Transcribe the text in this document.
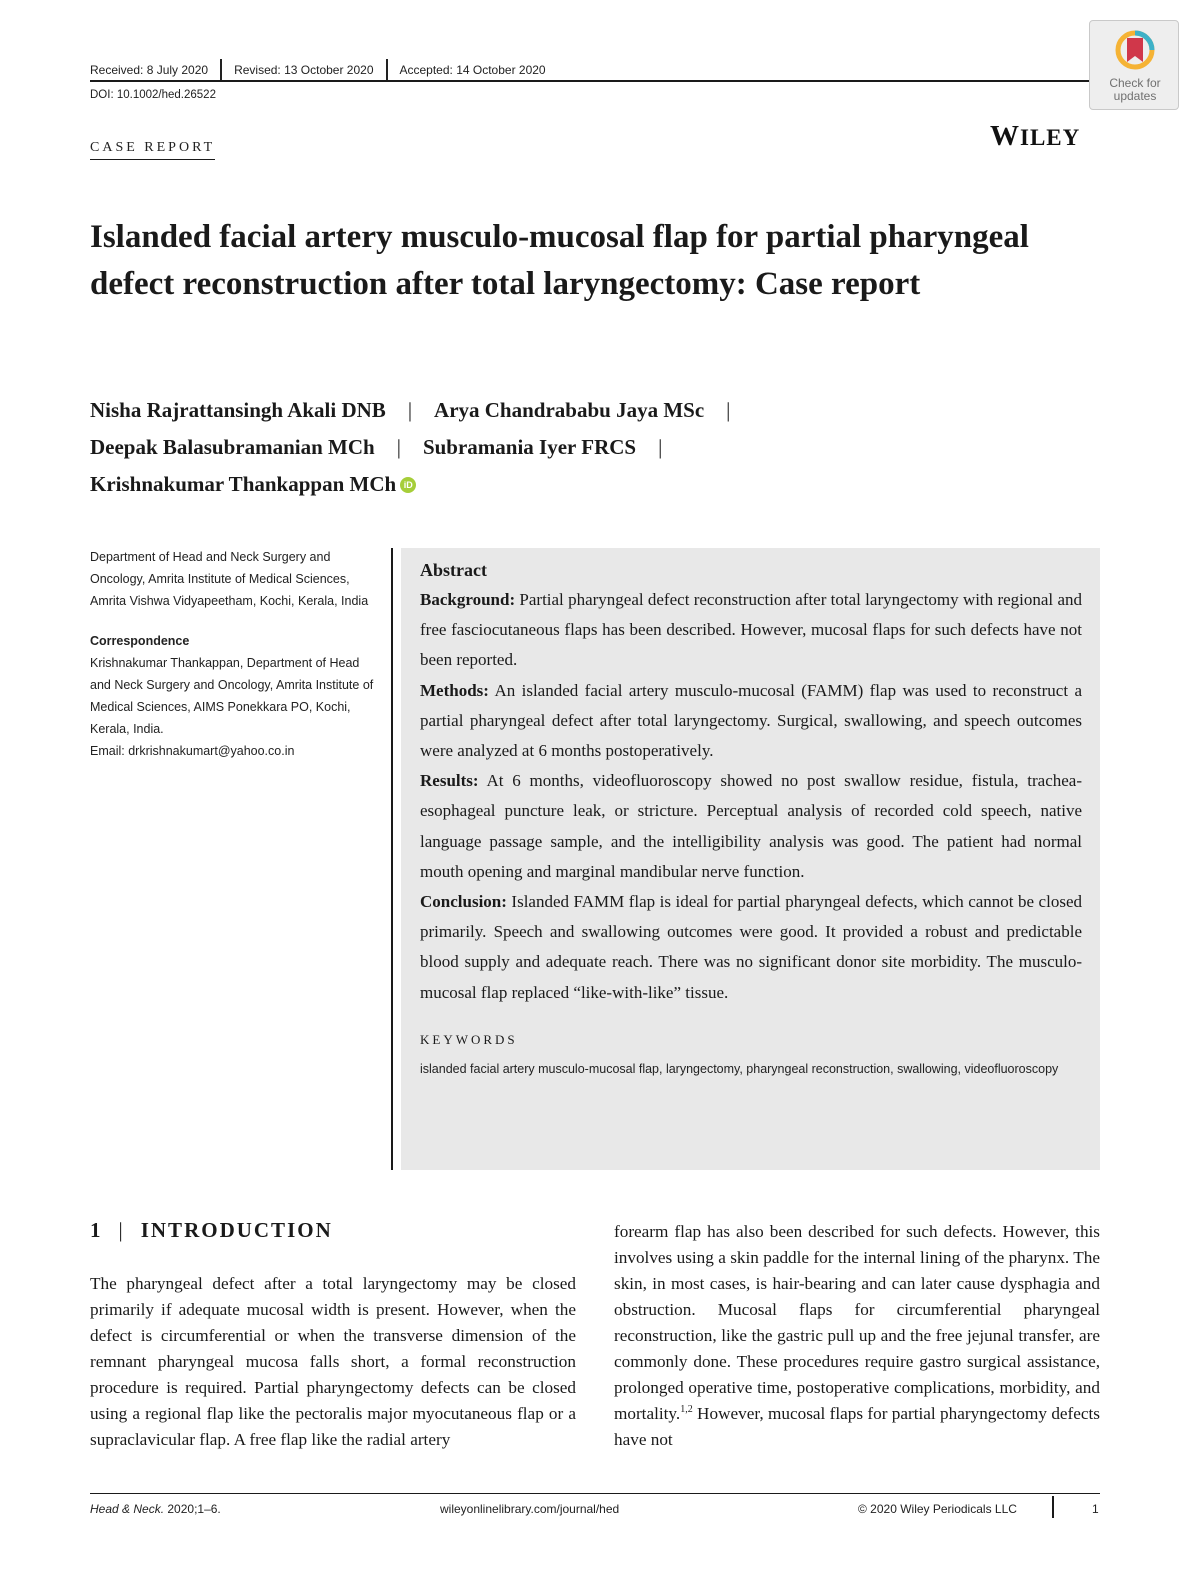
Received: 8 July 2020 Revised: 13 October 2020 Accepted: 14 October 2020
DOI: 10.1002/hed.26522
Check for
updates
CASE REPORT	WILEY
Islanded facial artery musculo-mucosal flap for partial pharyngeal defect reconstruction after total laryngectomy: Case report
Nisha Rajrattansingh Akali DNB | Arya Chandrababu Jaya MSc |
Deepak Balasubramanian MCh | Subramania Iyer FRCS |
Krishnakumar Thankappan MCh iD
Department of Head and Neck Surgery and Oncology, Amrita Institute of Medical Sciences, Amrita Vishwa Vidyapeetham, Kochi, Kerala, India
Correspondence
Krishnakumar Thankappan, Department of Head and Neck Surgery and Oncology, Amrita Institute of Medical Sciences, AIMS Ponekkara PO, Kochi, Kerala, India.
Email: drkrishnakumart@yahoo.co.in
Abstract
Background: Partial pharyngeal defect reconstruction after total laryngectomy with regional and free fasciocutaneous flaps has been described. However, mucosal flaps for such defects have not been reported.
Methods: An islanded facial artery musculo-mucosal (FAMM) flap was used to reconstruct a partial pharyngeal defect after total laryngectomy. Surgical, swallowing, and speech outcomes were analyzed at 6 months postoperatively.
Results: At 6 months, videofluoroscopy showed no post swallow residue, fistula, trachea-esophageal puncture leak, or stricture. Perceptual analysis of recorded cold speech, native language passage sample, and the intelligibility analysis was good. The patient had normal mouth opening and marginal mandibular nerve function.
Conclusion: Islanded FAMM flap is ideal for partial pharyngeal defects, which cannot be closed primarily. Speech and swallowing outcomes were good. It provided a robust and predictable blood supply and adequate reach. There was no significant donor site morbidity. The musculo-mucosal flap replaced “like-with-like” tissue.
KEYWORDS
islanded facial artery musculo-mucosal flap, laryngectomy, pharyngeal reconstruction, swallowing, videofluoroscopy
1 | INTRODUCTION
The pharyngeal defect after a total laryngectomy may be closed primarily if adequate mucosal width is present. However, when the defect is circumferential or when the transverse dimension of the remnant pharyngeal mucosa falls short, a formal reconstruction procedure is required. Partial pharyngectomy defects can be closed using a regional flap like the pectoralis major myocutaneous flap or a supraclavicular flap. A free flap like the radial artery
forearm flap has also been described for such defects. However, this involves using a skin paddle for the internal lining of the pharynx. The skin, in most cases, is hair-bearing and can later cause dysphagia and obstruction. Mucosal flaps for circumferential pharyngeal reconstruction, like the gastric pull up and the free jejunal transfer, are commonly done. These procedures require gastro surgical assistance, prolonged operative time, postoperative complications, morbidity, and mortality.$^{1,2}$ However, mucosal flaps for partial pharyngectomy defects have not
Head & Neck. 2020;1–6.	wileyonlinelibrary.com/journal/hed	© 2020 Wiley Periodicals LLC	1
